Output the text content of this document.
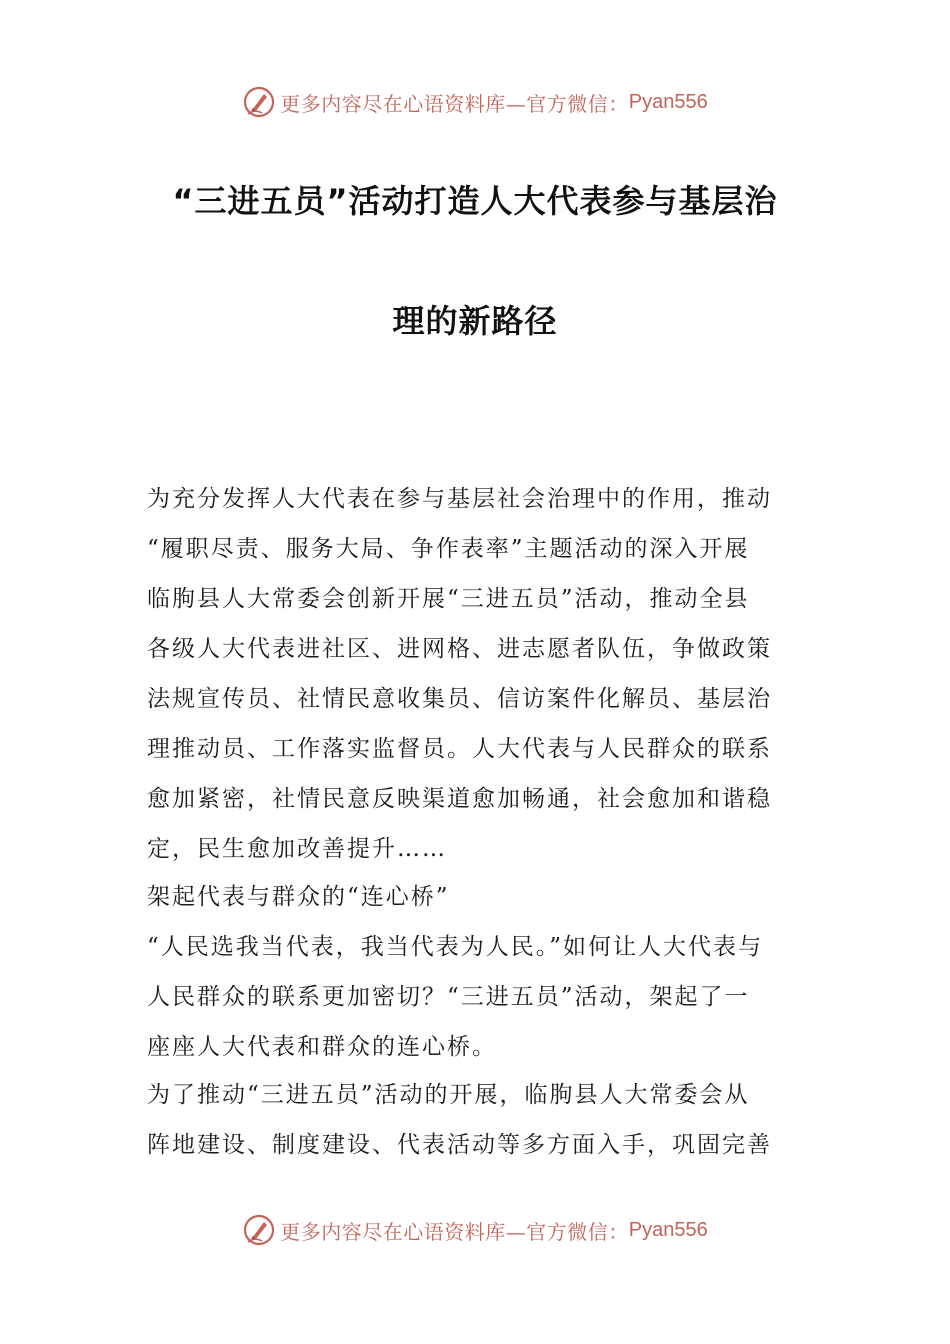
更多内容尽在心语资料库—官方微信： Pyan556
“三进五员”活动打造人大代表参与基层治
理的新路径
为充分发挥人大代表在参与基层社会治理中的作用，推动
“履职尽责、服务大局、争作表率”主题活动的深入开展
临朐县人大常委会创新开展“三进五员”活动，推动全县
各级人大代表进社区、进网格、进志愿者队伍，争做政策
法规宣传员、社情民意收集员、信访案件化解员、基层治
理推动员、工作落实监督员。人大代表与人民群众的联系
愈加紧密，社情民意反映渠道愈加畅通，社会愈加和谐稳
定，民生愈加改善提升……
架起代表与群众的“连心桥”
“人民选我当代表，我当代表为人民。”如何让人大代表与
人民群众的联系更加密切？“三进五员”活动，架起了一
座座人大代表和群众的连心桥。
为了推动“三进五员”活动的开展，临朐县人大常委会从
阵地建设、制度建设、代表活动等多方面入手，巩固完善
更多内容尽在心语资料库—官方微信： Pyan556
